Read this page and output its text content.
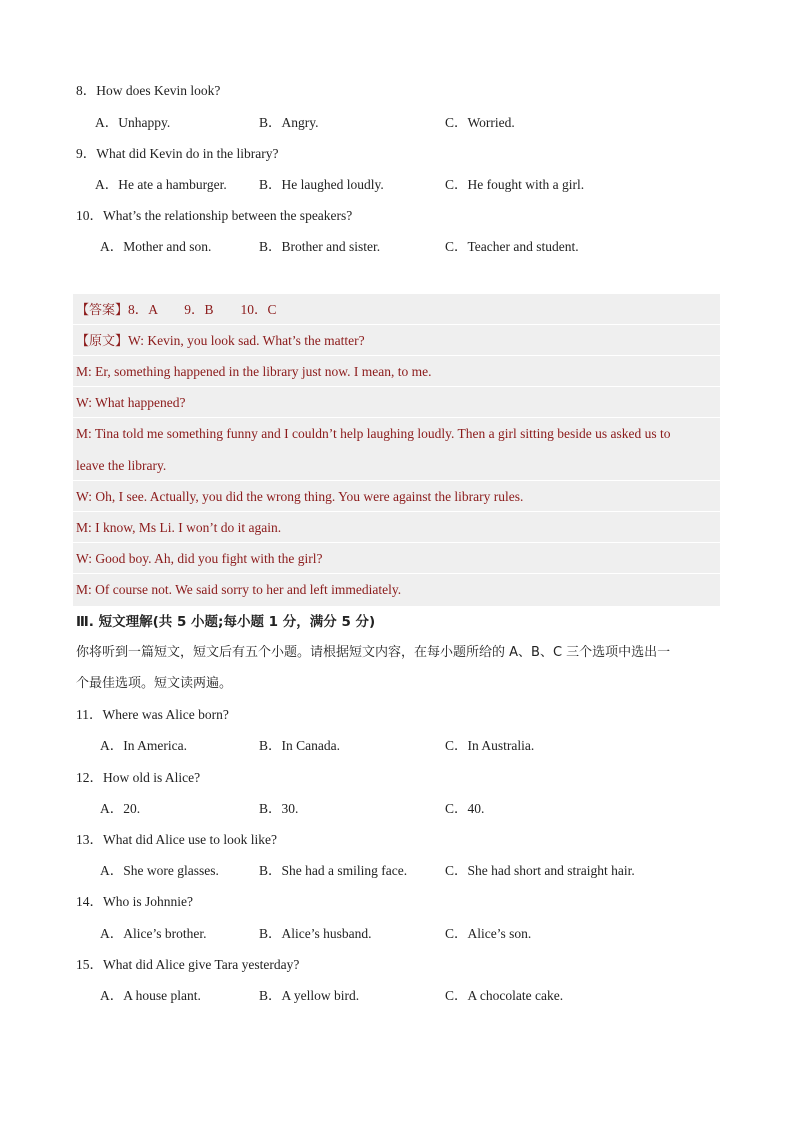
8．How does Kevin look?
A．Unhappy.	B．Angry.	C．Worried.
9．What did Kevin do in the library?
A．He ate a hamburger. B．He laughed loudly.	C．He fought with a girl.
10．What’s the relationship between the speakers?
A．Mother and son.	B．Brother and sister.	C．Teacher and student.
【答案】8．A        9．B        10．C
【原文】W: Kevin, you look sad. What’s the matter?
M: Er, something happened in the library just now. I mean, to me.
W: What happened?
M: Tina told me something funny and I couldn’t help laughing loudly. Then a girl sitting beside us asked us to
leave the library.
W: Oh, I see. Actually, you did the wrong thing. You were against the library rules.
M: I know, Ms Li. I won’t do it again.
W: Good boy. Ah, did you fight with the girl?
M: Of course not. We said sorry to her and left immediately.
Ⅲ. 短文理解(共 5 小题;每小题 1 分，满分 5 分)
你将听到一篇短文，短文后有五个小题。请根据短文内容，在每小题所给的 A、B、C 三个选项中选出一
个最佳选项。短文读两遍。
11．Where was Alice born?
A．In America.	B．In Canada.	C．In Australia.
12．How old is Alice?
A．20.	B．30.	C．40.
13．What did Alice use to look like?
A．She wore glasses.	B．She had a smiling face.	C．She had short and straight hair.
14．Who is Johnnie?
A．Alice’s brother.	B．Alice’s husband.	C．Alice’s son.
15．What did Alice give Tara yesterday?
A．A house plant.	B．A yellow bird.	C．A chocolate cake.
